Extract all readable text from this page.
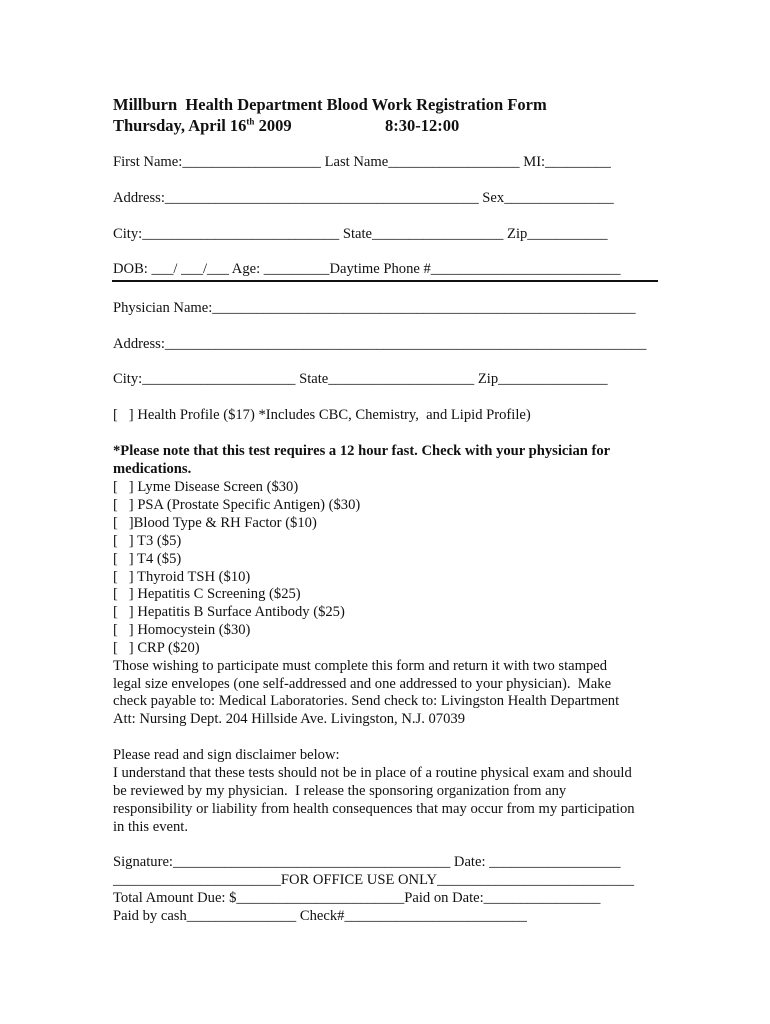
Millburn  Health Department Blood Work Registration Form
Thursday, April 16th 2009	8:30-12:00
First Name:___________________ Last Name__________________ MI:_________
Address:___________________________________________ Sex_______________
City:___________________________ State__________________ Zip___________
DOB: ___/ ___/___ Age: _________Daytime Phone #__________________________
Physician Name:__________________________________________________________
Address:__________________________________________________________________
City:_____________________ State____________________ Zip_______________
[   ] Health Profile ($17) *Includes CBC, Chemistry,  and Lipid Profile)
*Please note that this test requires a 12 hour fast. Check with your physician for
medications.
[   ] Lyme Disease Screen ($30)
[   ] PSA (Prostate Specific Antigen) ($30)
[   ]Blood Type & RH Factor ($10)
[   ] T3 ($5)
[   ] T4 ($5)
[   ] Thyroid TSH ($10)
[   ] Hepatitis C Screening ($25)
[   ] Hepatitis B Surface Antibody ($25)
[   ] Homocystein ($30)
[   ] CRP ($20)
Those wishing to participate must complete this form and return it with two stamped
legal size envelopes (one self-addressed and one addressed to your physician).  Make
check payable to: Medical Laboratories. Send check to: Livingston Health Department
Att: Nursing Dept. 204 Hillside Ave. Livingston, N.J. 07039
Please read and sign disclaimer below:
I understand that these tests should not be in place of a routine physical exam and should
be reviewed by my physician.  I release the sponsoring organization from any
responsibility or liability from health consequences that may occur from my participation
in this event.
Signature:______________________________________ Date: __________________
_______________________FOR OFFICE USE ONLY___________________________
Total Amount Due: $_______________________Paid on Date:________________
Paid by cash_______________ Check#_________________________
